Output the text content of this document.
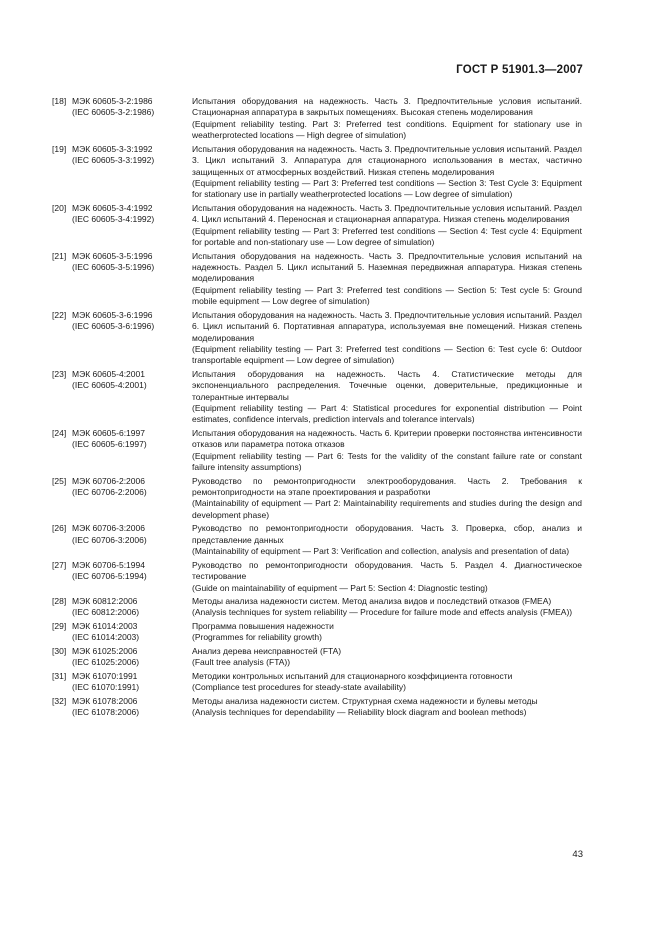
ГОСТ Р 51901.3—2007
[18] МЭК 60605-3-2:1986
(IEC 60605-3-2:1986)
Испытания оборудования на надежность. Часть 3. Предпочтительные условия испытаний. Стационарная аппаратура в закрытых помещениях. Высокая степень моделирования
(Equipment reliability testing. Part 3: Preferred test conditions. Equipment for stationary use in weatherprotected locations — High degree of simulation)
[19] МЭК 60605-3-3:1992
(IEC 60605-3-3:1992)
Испытания оборудования на надежность. Часть 3. Предпочтительные условия испытаний. Раздел 3. Цикл испытаний 3. Аппаратура для стационарного использования в местах, частично защищенных от атмосферных воздействий. Низкая степень моделирования
(Equipment reliability testing — Part 3: Preferred test conditions — Section 3: Test Cycle 3: Equipment for stationary use in partially weatherprotected locations — Low degree of simulation)
[20] МЭК 60605-3-4:1992
(IEC 60605-3-4:1992)
Испытания оборудования на надежность. Часть 3. Предпочтительные условия испытаний. Раздел 4. Цикл испытаний 4. Переносная и стационарная аппаратура. Низкая степень моделирования
(Equipment reliability testing — Part 3: Preferred test conditions — Section 4: Test cycle 4: Equipment for portable and non-stationary use — Low degree of simulation)
[21] МЭК 60605-3-5:1996
(IEC 60605-3-5:1996)
Испытания оборудования на надежность. Часть 3. Предпочтительные условия испытаний на надежность. Раздел 5. Цикл испытаний 5. Наземная передвижная аппаратура. Низкая степень моделирования
(Equipment reliability testing — Part 3: Preferred test conditions — Section 5: Test cycle 5: Ground mobile equipment — Low degree of simulation)
[22] МЭК 60605-3-6:1996
(IEC 60605-3-6:1996)
Испытания оборудования на надежность. Часть 3. Предпочтительные условия испытаний. Раздел 6. Цикл испытаний 6. Портативная аппаратура, используемая вне помещений. Низкая степень моделирования
(Equipment reliability testing — Part 3: Preferred test conditions — Section 6: Test cycle 6: Outdoor transportable equipment — Low degree of simulation)
[23] МЭК 60605-4:2001
(IEC 60605-4:2001)
Испытания оборудования на надежность. Часть 4. Статистические методы для экспоненциального распределения. Точечные оценки, доверительные, предикционные и толерантные интервалы
(Equipment reliability testing — Part 4: Statistical procedures for exponential distribution — Point estimates, confidence intervals, prediction intervals and tolerance intervals)
[24] МЭК 60605-6:1997
(IEC 60605-6:1997)
Испытания оборудования на надежность. Часть 6. Критерии проверки постоянства интенсивности отказов или параметра потока отказов
(Equipment reliability testing — Part 6: Tests for the validity of the constant failure rate or constant failure intensity assumptions)
[25] МЭК 60706-2:2006
(IEC 60706-2:2006)
Руководство по ремонтопригодности электрооборудования. Часть 2. Требования к ремонтопригодности на этапе проектирования и разработки
(Maintainability of equipment — Part 2: Maintainability requirements and studies during the design and development phase)
[26] МЭК 60706-3:2006
(IEC 60706-3:2006)
Руководство по ремонтопригодности оборудования. Часть 3. Проверка, сбор, анализ и представление данных
(Maintainability of equipment — Part 3: Verification and collection, analysis and presentation of data)
[27] МЭК 60706-5:1994
(IEC 60706-5:1994)
Руководство по ремонтопригодности оборудования. Часть 5. Раздел 4. Диагностическое тестирование
(Guide on maintainability of equipment — Part 5: Section 4: Diagnostic testing)
[28] МЭК 60812:2006
(IEC 60812:2006)
Методы анализа надежности систем. Метод анализа видов и последствий отказов (FMEA)
(Analysis techniques for system reliability — Procedure for failure mode and effects analysis (FMEA))
[29] МЭК 61014:2003
(IEC 61014:2003)
Программа повышения надежности
(Programmes for reliability growth)
[30] МЭК 61025:2006
(IEC 61025:2006)
Анализ дерева неисправностей (FTA)
(Fault tree analysis (FTA))
[31] МЭК 61070:1991
(IEC 61070:1991)
Методики контрольных испытаний для стационарного коэффициента готовности
(Compliance test procedures for steady-state availability)
[32] МЭК 61078:2006
(IEC 61078:2006)
Методы анализа надежности систем. Структурная схема надежности и булевы методы
(Analysis techniques for dependability — Reliability block diagram and boolean methods)
43
